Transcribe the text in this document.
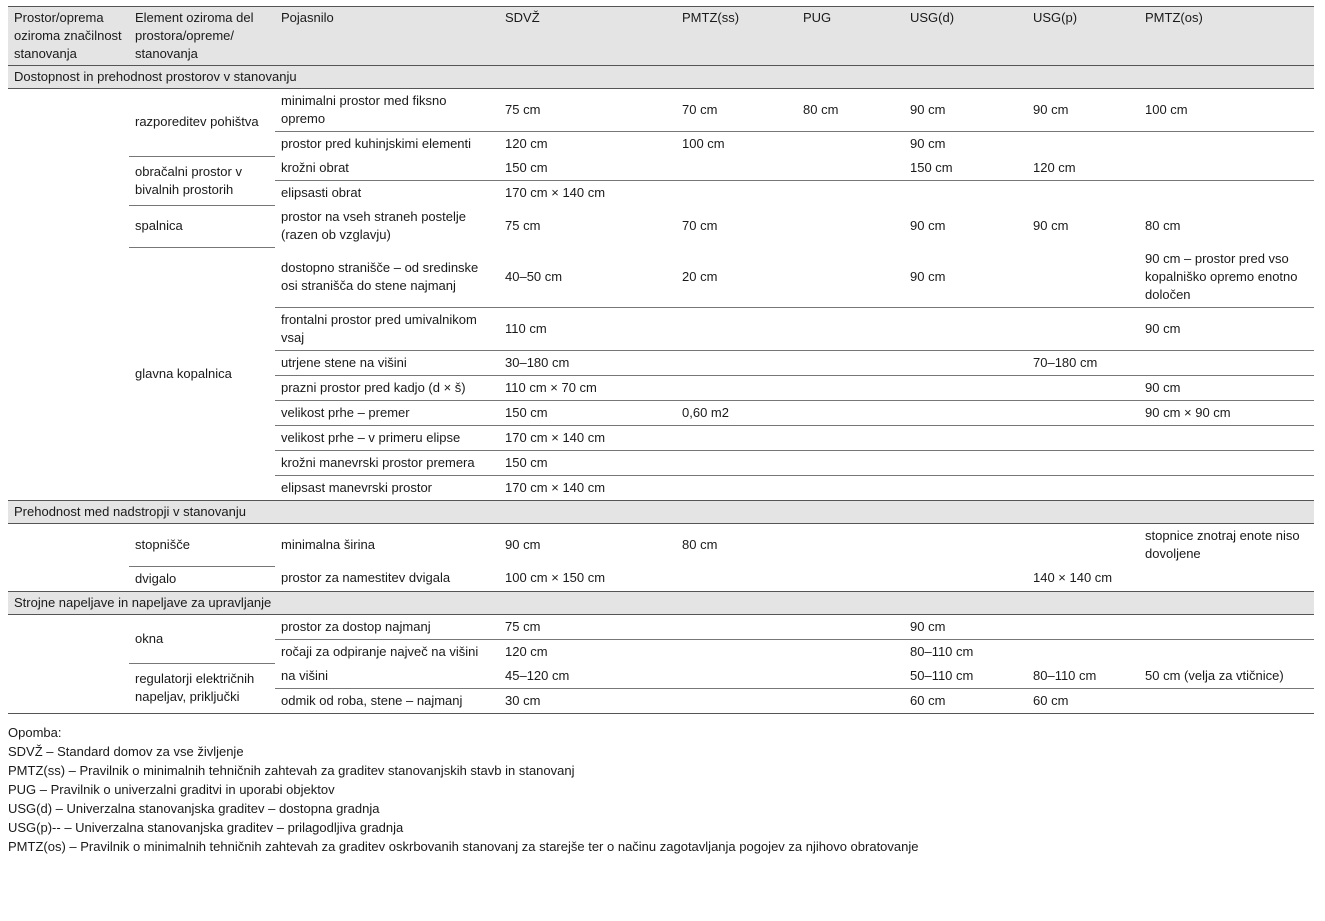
Prostor/oprema oziroma značilnost stanovanja	Element oziroma del prostora/opreme/ stanovanja	Pojasnilo	SDVŽ	PMTZ(ss)	PUG	USG(d)	USG(p)	PMTZ(os)
Dostopnost in prehodnost prostorov v stanovanju								
	razporeditev pohištva	minimalni prostor med fiksno opremo	75 cm	70 cm	80 cm	90 cm	90 cm	100 cm
		prostor pred kuhinjskimi elementi	120 cm	100 cm		90 cm		
	obračalni prostor v bivalnih prostorih	krožni obrat	150 cm			150 cm	120 cm	
		elipsasti obrat	170 cm × 140 cm					
	spalnica	prostor na vseh straneh postelje (razen ob vzglavju)	75 cm	70 cm		90 cm	90 cm	80 cm
	glavna kopalnica	dostopno stranišče – od sredinske osi stranišča do stene najmanj	40–50 cm	20 cm		90 cm		90 cm – prostor pred vso kopalniško opremo enotno določen
		frontalni prostor pred umivalnikom vsaj	110 cm					90 cm
		utrjene stene na višini	30–180 cm				70–180 cm	
		prazni prostor pred kadjo (d × š)	110 cm × 70 cm					90 cm
		velikost prhe – premer	150 cm	0,60 m2				90 cm × 90 cm
		velikost prhe – v primeru elipse	170 cm × 140 cm					
		krožni manevrski prostor premera	150 cm					
		elipsast manevrski prostor	170 cm × 140 cm					
Prehodnost med nadstropji v stanovanju								
	stopnišče	minimalna širina	90 cm	80 cm				stopnice znotraj enote niso dovoljene
	dvigalo	prostor za namestitev dvigala	100 cm × 150 cm				140 × 140 cm	
Strojne napeljave in napeljave za upravljanje								
	okna	prostor za dostop najmanj	75 cm			90 cm		
		ročaji za odpiranje največ na višini	120 cm			80–110 cm		
	regulatorji električnih napeljav, priključki	na višini	45–120 cm			50–110 cm	80–110 cm	50 cm (velja za vtičnice)
		odmik od roba, stene – najmanj	30 cm			60 cm	60 cm	
Opomba:
SDVŽ – Standard domov za vse življenje
PMTZ(ss) – Pravilnik o minimalnih tehničnih zahtevah za graditev stanovanjskih stavb in stanovanj
PUG – Pravilnik o univerzalni graditvi in uporabi objektov
USG(d) – Univerzalna stanovanjska graditev – dostopna gradnja
USG(p)-- – Univerzalna stanovanjska graditev – prilagodljiva gradnja
PMTZ(os) – Pravilnik o minimalnih tehničnih zahtevah za graditev oskrbovanih stanovanj za starejše ter o načinu zagotavljanja pogojev za njihovo obratovanje
